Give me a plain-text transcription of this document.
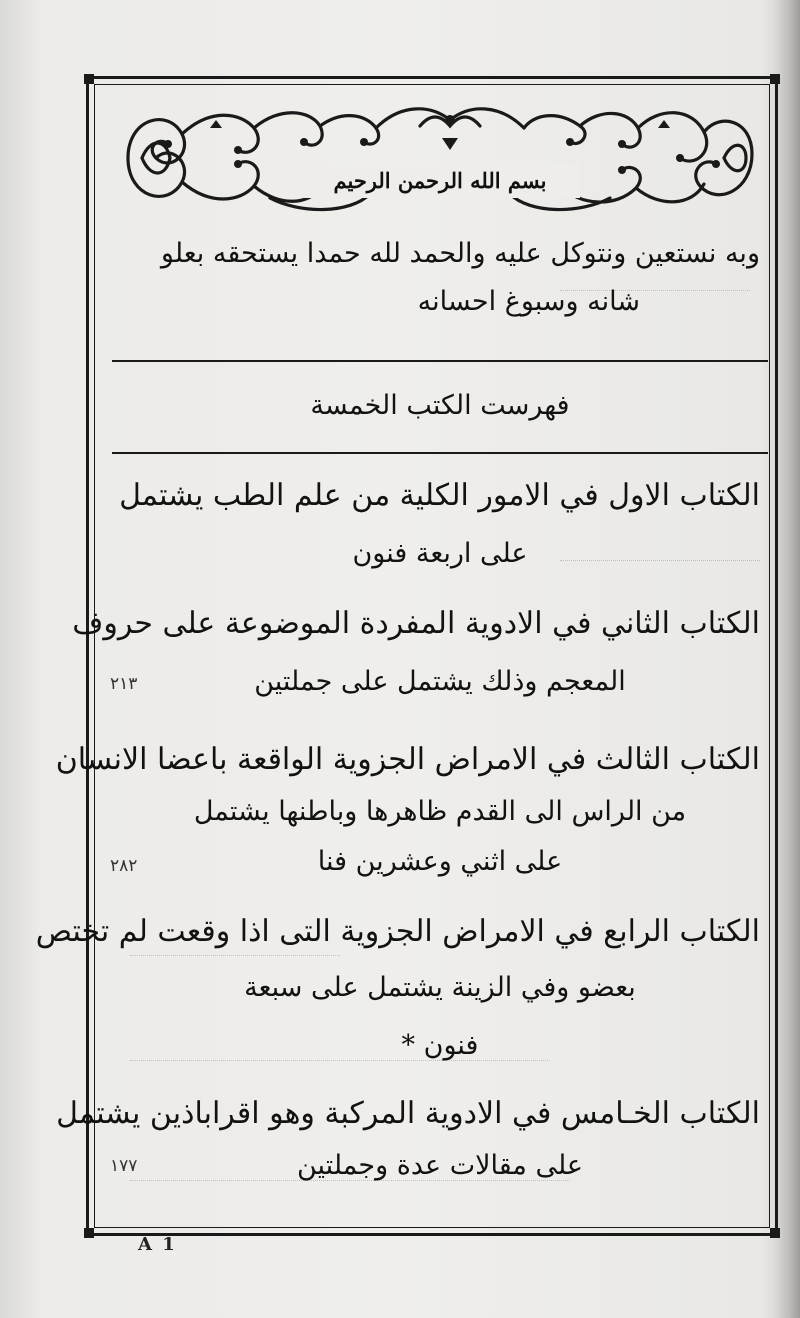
بسم الله الرحمن الرحيم
وبه نستعين ونتوكل عليه والحمد لله حمدا يستحقه بعلو
شانه وسبوغ احسانه
فهرست الكتب الخمسة
الكتاب الاول في الامور الكلية من علم الطب يشتمل
على اربعة فنون
الكتاب الثاني في الادوية المفردة الموضوعة على حروف
المعجم وذلك يشتمل على جملتين
٢١٣
الكتاب الثالث في الامراض الجزوية الواقعة باعضا الانسان
من الراس الى القدم ظاهرها وباطنها يشتمل
على اثني وعشرين فنا
٢٨٢
الكتاب الرابع في الامراض الجزوية التى اذا وقعت لم تختص
بعضو وفي الزينة يشتمل على سبعة
فنون *
الكتاب الخـامس في الادوية المركبة وهو اقراباذين يشتمل
على مقالات عدة وجملتين
١٧٧
A 1
